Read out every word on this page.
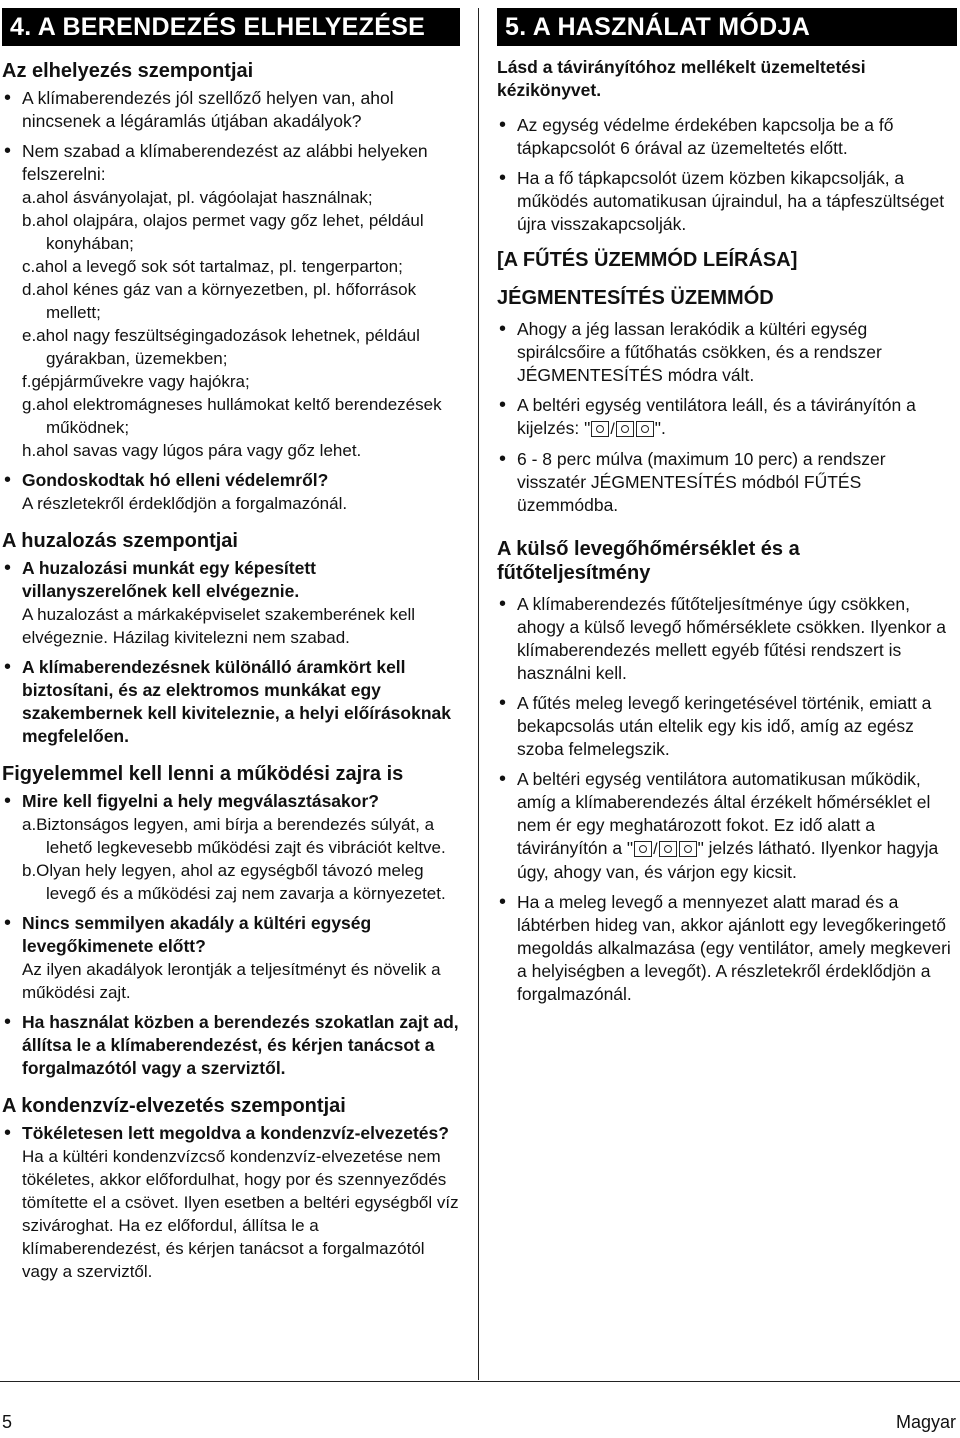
4. A BERENDEZÉS ELHELYEZÉSE
Az elhelyezés szempontjai
• A klímaberendezés jól szellőző helyen van, ahol nincsenek a légáramlás útjában akadályok?
• Nem szabad a klímaberendezést az alábbi helyeken felszerelni:
a.ahol ásványolajat, pl. vágóolajat használnak;
b.ahol olajpára, olajos permet vagy gőz lehet, például konyhában;
c.ahol a levegő sok sót tartalmaz, pl. tengerparton;
d.ahol kénes gáz van a környezetben, pl. hőforrások mellett;
e.ahol nagy feszültségingadozások lehetnek, például gyárakban, üzemekben;
f.gépjárművekre vagy hajókra;
g.ahol elektromágneses hullámokat keltő berendezések működnek;
h.ahol savas vagy lúgos pára vagy gőz lehet.
• Gondoskodtak hó elleni védelemről?
A részletekről érdeklődjön a forgalmazónál.
A huzalozás szempontjai
• A huzalozási munkát egy képesített villanyszerelőnek kell elvégeznie.
A huzalozást a márkaképviselet szakemberének kell elvégeznie. Házilag kivitelezni nem szabad.
• A klímaberendezésnek különálló áramkört kell biztosítani, és az elektromos munkákat egy szakembernek kell kiviteleznie, a helyi előírásoknak megfelelően.
Figyelemmel kell lenni a működési zajra is
• Mire kell figyelni a hely megválasztásakor?
a.Biztonságos legyen, ami bírja a berendezés súlyát, a lehető legkevesebb működési zajt és vibrációt keltve.
b.Olyan hely legyen, ahol az egységből távozó meleg levegő és a működési zaj nem zavarja a környezetet.
• Nincs semmilyen akadály a kültéri egység levegőkimenete előtt?
Az ilyen akadályok lerontják a teljesítményt és növelik a működési zajt.
• Ha használat közben a berendezés szokatlan zajt ad, állítsa le a klímaberendezést, és kérjen tanácsot a forgalmazótól vagy a szerviztől.
A kondenzvíz-elvezetés szempontjai
• Tökéletesen lett megoldva a kondenzvíz-elvezetés?
Ha a kültéri kondenzvízcső kondenzvíz-elvezetése nem tökéletes, akkor előfordulhat, hogy por és szennyeződés tömítette el a csövet. Ilyen esetben a beltéri egységből víz szivároghat. Ha ez előfordul, állítsa le a klímaberendezést, és kérjen tanácsot a forgalmazótól vagy a szerviztől.
5. A HASZNÁLAT MÓDJA
Lásd a távirányítóhoz mellékelt üzemeltetési kézikönyvet.
• Az egység védelme érdekében kapcsolja be a fő tápkapcsolót 6 órával az üzemeltetés előtt.
• Ha a fő tápkapcsolót üzem közben kikapcsolják, a működés automatikusan újraindul, ha a tápfeszültséget újra visszakapcsolják.
[A FŰTÉS ÜZEMMÓD LEÍRÁSA]
JÉGMENTESÍTÉS ÜZEMMÓD
• Ahogy a jég lassan lerakódik a kültéri egység spirálcsőire a fűtőhatás csökken, és a rendszer JÉGMENTESÍTÉS módra vált.
• A beltéri egység ventilátora leáll, és a távirányítón a kijelzés: " / ".
• 6 - 8 perc múlva (maximum 10 perc) a rendszer visszatér JÉGMENTESÍTÉS módból FŰTÉS üzemmódba.
A külső levegőhőmérséklet és a fűtőteljesítmény
• A klímaberendezés fűtőteljesítménye úgy csökken, ahogy a külső levegő hőmérséklete csökken. Ilyenkor a klímaberendezés mellett egyéb fűtési rendszert is használni kell.
• A fűtés meleg levegő keringetésével történik, emiatt a bekapcsolás után eltelik egy kis idő, amíg az egész szoba felmelegszik.
• A beltéri egység ventilátora automatikusan működik, amíg a klímaberendezés által érzékelt hőmérséklet el nem ér egy meghatározott fokot. Ez idő alatt a távirányítón a " / " jelzés látható. Ilyenkor hagyja úgy, ahogy van, és várjon egy kicsit.
• Ha a meleg levegő a mennyezet alatt marad és a lábtérben hideg van, akkor ajánlott egy levegőkeringető megoldás alkalmazása (egy ventilátor, amely megkeveri a helyiségben a levegőt). A részletekről érdeklődjön a forgalmazónál.
5	Magyar
